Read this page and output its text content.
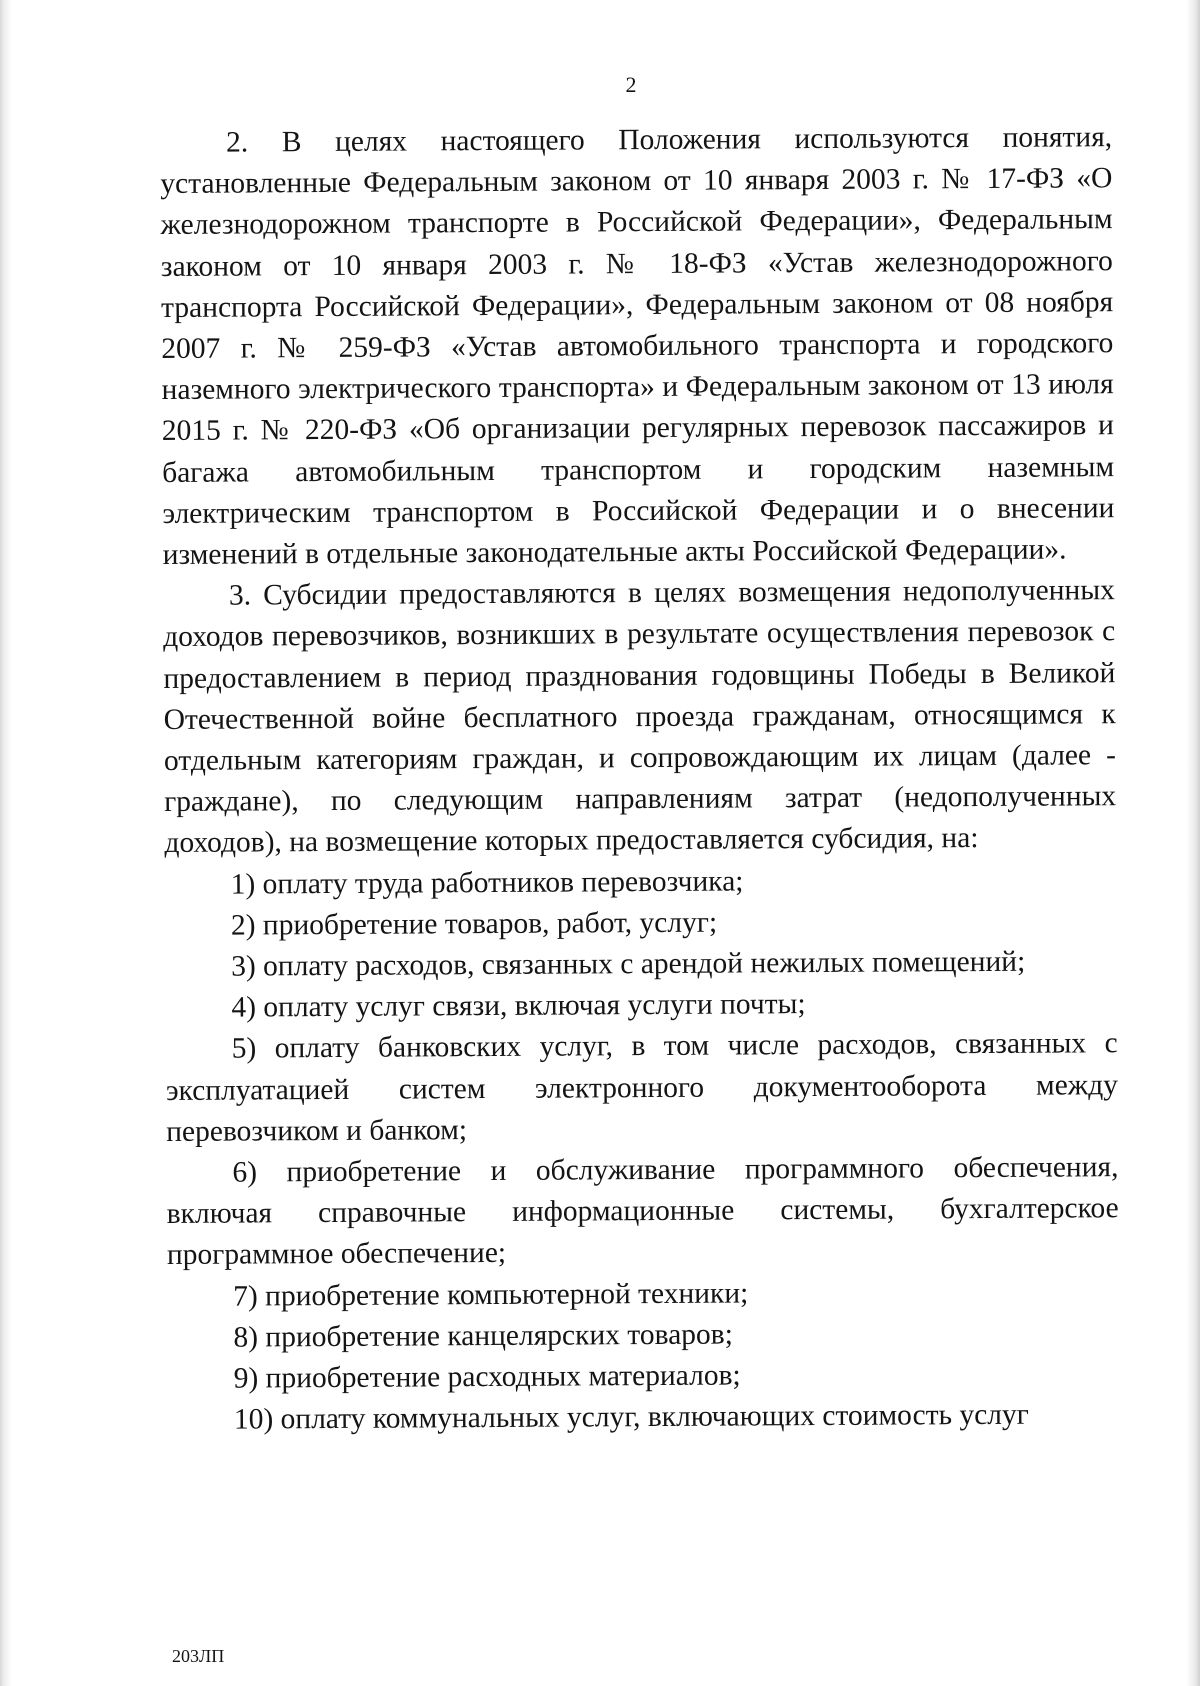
2

2. В целях настоящего Положения используются понятия, установленные Федеральным законом от 10 января 2003 г. № 17-ФЗ «О железнодорожном транспорте в Российской Федерации», Федеральным законом от 10 января 2003 г. № 18-ФЗ «Устав железнодорожного транспорта Российской Федерации», Федеральным законом от 08 ноября 2007 г. № 259-ФЗ «Устав автомобильного транспорта и городского наземного электрического транспорта» и Федеральным законом от 13 июля 2015 г. № 220-ФЗ «Об организации регулярных перевозок пассажиров и багажа автомобильным транспортом и городским наземным электрическим транспортом в Российской Федерации и о внесении изменений в отдельные законодательные акты Российской Федерации».

3. Субсидии предоставляются в целях возмещения недополученных доходов перевозчиков, возникших в результате осуществления перевозок с предоставлением в период празднования годовщины Победы в Великой Отечественной войне бесплатного проезда гражданам, относящимся к отдельным категориям граждан, и сопровождающим их лицам (далее - граждане), по следующим направлениям затрат (недополученных доходов), на возмещение которых предоставляется субсидия, на:

1) оплату труда работников перевозчика;

2) приобретение товаров, работ, услуг;

3) оплату расходов, связанных с арендой нежилых помещений;

4) оплату услуг связи, включая услуги почты;

5) оплату банковских услуг, в том числе расходов, связанных с эксплуатацией систем электронного документооборота между перевозчиком и банком;

6) приобретение и обслуживание программного обеспечения, включая справочные информационные системы, бухгалтерское программное обеспечение;

7) приобретение компьютерной техники;

8) приобретение канцелярских товаров;

9) приобретение расходных материалов;

10) оплату коммунальных услуг, включающих стоимость услуг

203ЛП
